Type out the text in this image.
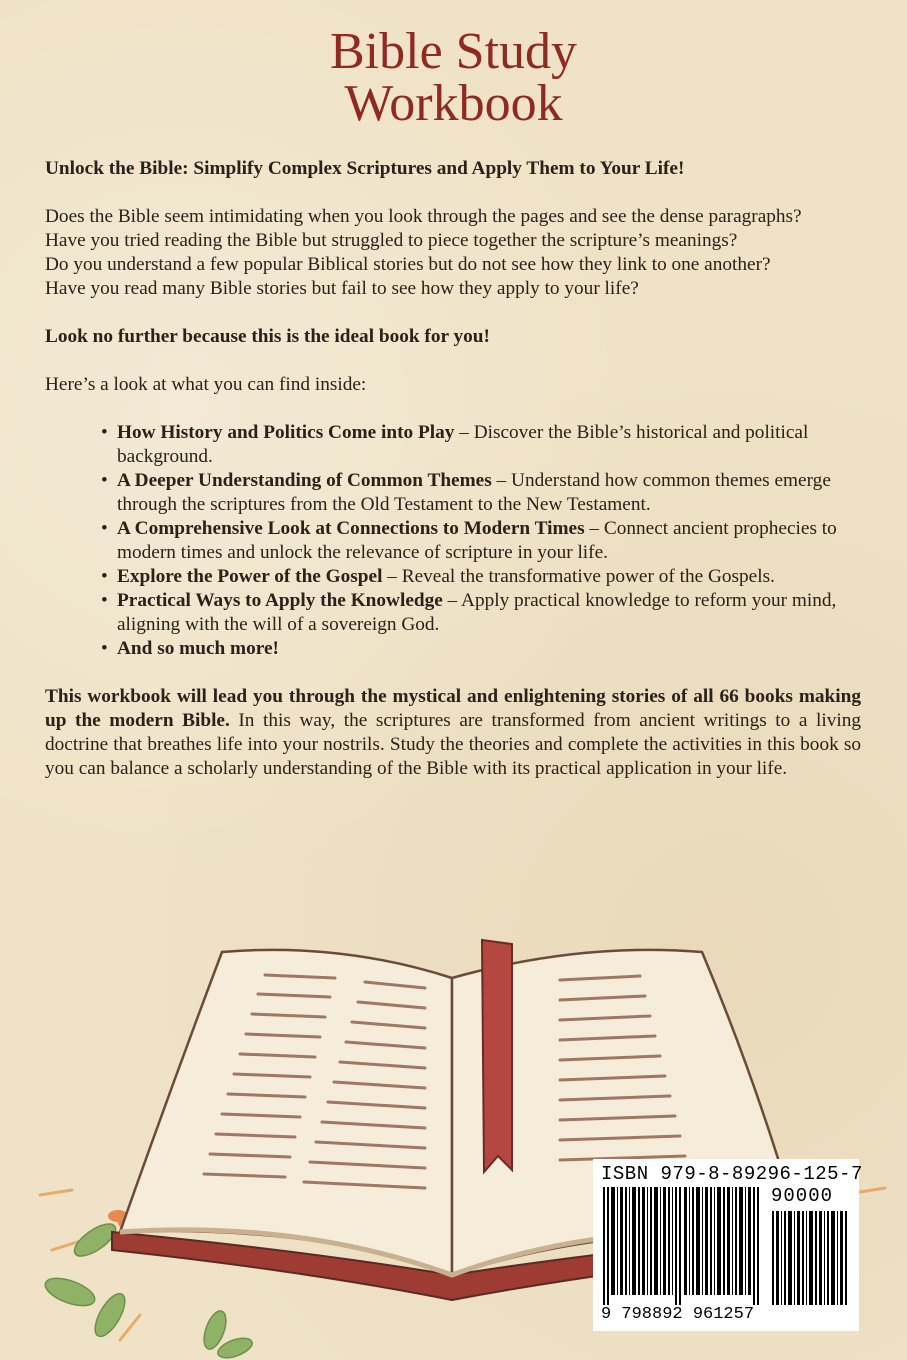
Bible Study
Workbook

Unlock the Bible: Simplify Complex Scriptures and Apply Them to Your Life!

Does the Bible seem intimidating when you look through the pages and see the dense paragraphs?

Have you tried reading the Bible but struggled to piece together the scripture’s meanings?

Do you understand a few popular Biblical stories but do not see how they link to one another?

Have you read many Bible stories but fail to see how they apply to your life?

Look no further because this is the ideal book for you!

Here’s a look at what you can find inside:

• How History and Politics Come into Play – Discover the Bible’s historical and political background.
• A Deeper Understanding of Common Themes – Understand how common themes emerge through the scriptures from the Old Testament to the New Testament.
• A Comprehensive Look at Connections to Modern Times – Connect ancient prophecies to modern times and unlock the relevance of scripture in your life.
• Explore the Power of the Gospel – Reveal the transformative power of the Gospels.
• Practical Ways to Apply the Knowledge – Apply practical knowledge to reform your mind, aligning with the will of a sovereign God.
• And so much more!

This workbook will lead you through the mystical and enlightening stories of all 66 books making up the modern Bible. In this way, the scriptures are transformed from ancient writings to a living doctrine that breathes life into your nostrils. Study the theories and complete the activities in this book so you can balance a scholarly understanding of the Bible with its practical application in your life.

ISBN 979-8-89296-125-7
90000
9 798892 961257
